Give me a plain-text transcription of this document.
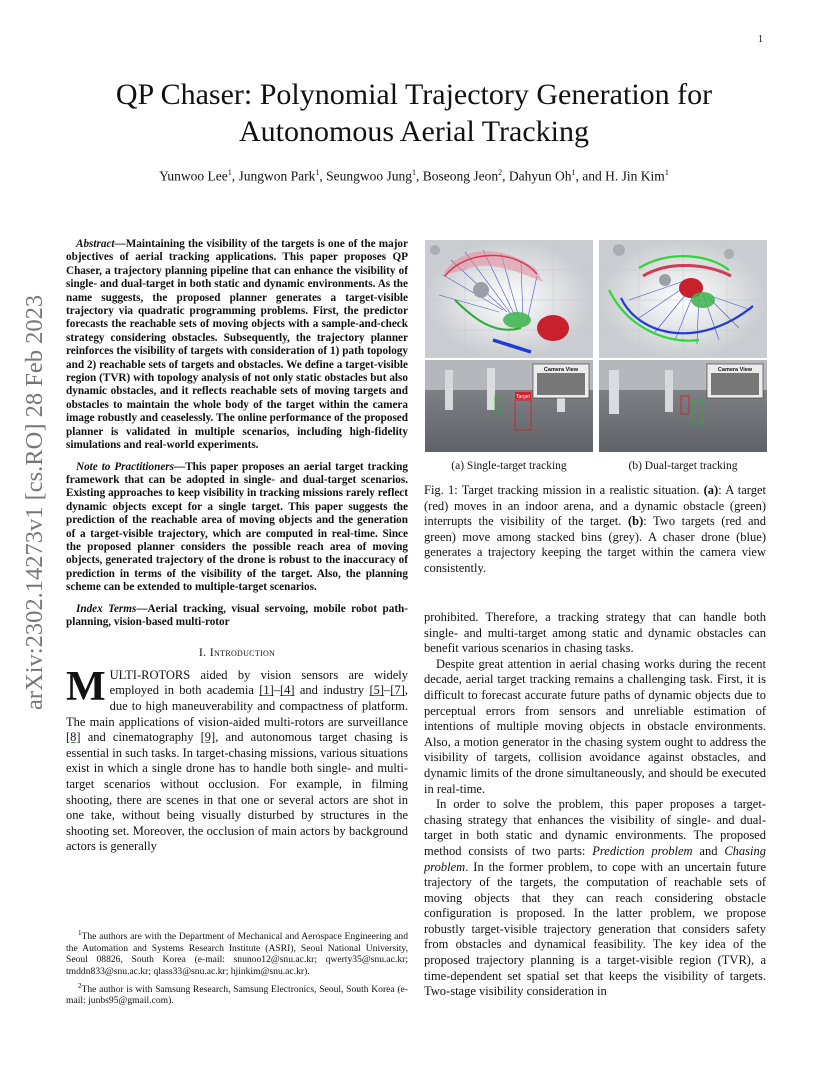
1
arXiv:2302.14273v1 [cs.RO] 28 Feb 2023
QP Chaser: Polynomial Trajectory Generation for
Autonomous Aerial Tracking
Yunwoo Lee$^1$, Jungwon Park$^1$, Seungwoo Jung$^1$, Boseong Jeon$^2$, Dahyun Oh$^1$, and H. Jin Kim$^1$

Abstract—Maintaining the visibility of the targets is one of the major objectives of aerial tracking applications. This paper proposes QP Chaser, a trajectory planning pipeline that can enhance the visibility of single- and dual-target in both static and dynamic environments. As the name suggests, the proposed planner generates a target-visible trajectory via quadratic programming problems. First, the predictor forecasts the reachable sets of moving objects with a sample-and-check strategy considering obstacles. Subsequently, the trajectory planner reinforces the visibility of targets with consideration of 1) path topology and 2) reachable sets of targets and obstacles. We define a target-visible region (TVR) with topology analysis of not only static obstacles but also dynamic obstacles, and it reflects reachable sets of moving targets and obstacles to maintain the whole body of the target within the camera image robustly and ceaselessly. The online performance of the proposed planner is validated in multiple scenarios, including high-fidelity simulations and real-world experiments.

Note to Practitioners—This paper proposes an aerial target tracking framework that can be adopted in single- and dual-target scenarios. Existing approaches to keep visibility in tracking missions rarely reflect dynamic objects except for a single target. This paper suggests the prediction of the reachable area of moving objects and the generation of a target-visible trajectory, which are computed in real-time. Since the proposed planner considers the possible reach area of moving objects, generated trajectory of the drone is robust to the inaccuracy of prediction in terms of the visibility of the target. Also, the planning scheme can be extended to multiple-target scenarios.

Index Terms—Aerial tracking, visual servoing, mobile robot path-planning, vision-based multi-rotor

I. Introduction

MULTI-ROTORS aided by vision sensors are widely employed in both academia [1]–[4] and industry [5]–[7], due to high maneuverability and compactness of platform. The main applications of vision-aided multi-rotors are surveillance [8] and cinematography [9], and autonomous target chasing is essential in such tasks. In target-chasing missions, various situations exist in which a single drone has to handle both single- and multi-target scenarios without occlusion. For example, in filming shooting, there are scenes in that one or several actors are shot in one take, without being visually disturbed by structures in the shooting set. Moreover, the occlusion of main actors by background actors is generally

$^1$The authors are with the Department of Mechanical and Aerospace Engineering and the Automation and Systems Research Institute (ASRI), Seoul National University, Seoul 08826, South Korea (e-mail: snunoo12@snu.ac.kr; qwerty35@snu.ac.kr; tmddn833@snu.ac.kr; qlass33@snu.ac.kr; hjinkim@snu.ac.kr).

$^2$The author is with Samsung Research, Samsung Electronics, Seoul, South Korea (e-mail: junbs95@gmail.com).

Target
Camera View	Camera View
(a) Single-target tracking	(b) Dual-target tracking
Fig. 1: Target tracking mission in a realistic situation. (a): A target (red) moves in an indoor arena, and a dynamic obstacle (green) interrupts the visibility of the target. (b): Two targets (red and green) move among stacked bins (grey). A chaser drone (blue) generates a trajectory keeping the target within the camera view consistently.

prohibited. Therefore, a tracking strategy that can handle both single- and multi-target among static and dynamic obstacles can benefit various scenarios in chasing tasks.

Despite great attention in aerial chasing works during the recent decade, aerial target tracking remains a challenging task. First, it is difficult to forecast accurate future paths of dynamic objects due to perceptual errors from sensors and unreliable estimation of intentions of multiple moving objects in obstacle environments. Also, a motion generator in the chasing system ought to address the visibility of targets, collision avoidance against obstacles, and dynamic limits of the drone simultaneously, and should be executed in real-time.

In order to solve the problem, this paper proposes a target-chasing strategy that enhances the visibility of single- and dual-target in both static and dynamic environments. The proposed method consists of two parts: Prediction problem and Chasing problem. In the former problem, to cope with an uncertain future trajectory of the targets, the computation of reachable sets of moving objects that they can reach considering obstacle configuration is proposed. In the latter problem, we propose robustly target-visible trajectory generation that considers safety from obstacles and dynamical feasibility. The key idea of the proposed trajectory planning is a target-visible region (TVR), a time-dependent set spatial set that keeps the visibility of targets. Two-stage visibility consideration in
